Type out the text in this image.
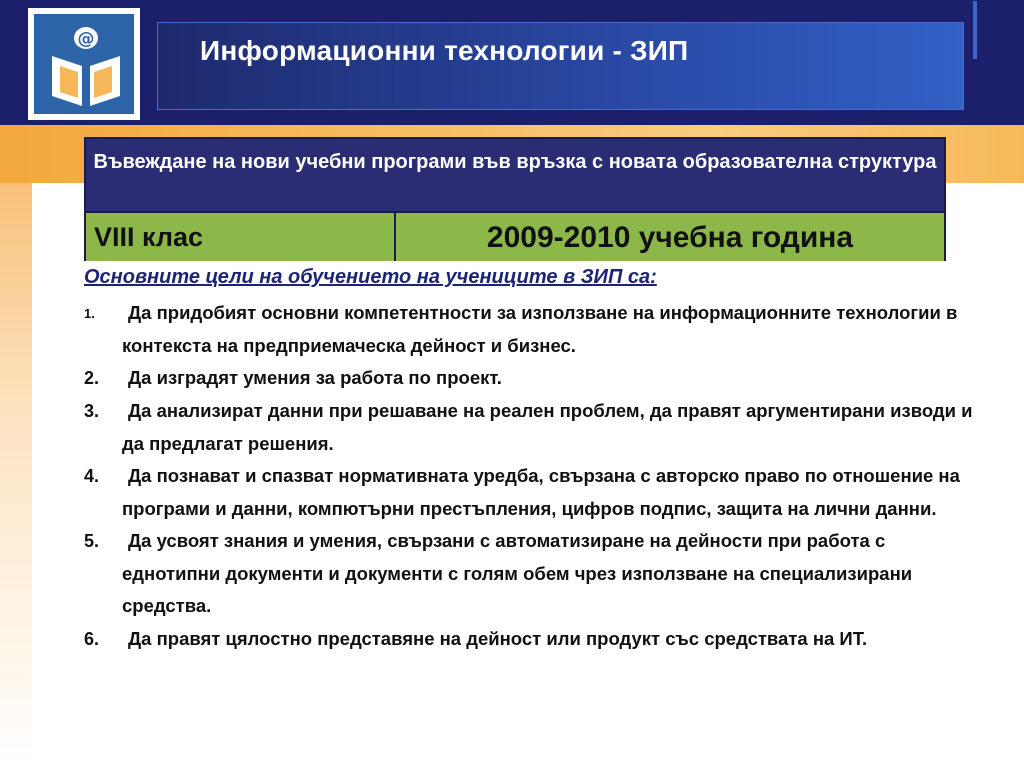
@	Информационни технологии - ЗИП
Въвеждане на нови учебни програми във връзка с новата образователна структура
VIII клас	2009-2010 учебна година
Основните цели на обучението на учениците в ЗИП са:
1.	Да придобият основни компетентности за използване на информационните технологии в контекста на предприемаческа дейност и бизнес.
2.	Да изградят умения за работа по проект.
3.	Да анализират данни при решаване на реален проблем, да правят аргументирани изводи и да предлагат решения.
4.	Да познават и спазват нормативната уредба, свързана с авторско право по отношение на програми и данни, компютърни престъпления, цифров подпис, защита на лични данни.
5.	Да усвоят знания и умения, свързани с автоматизиране на дейности при работа с еднотипни документи и документи с голям обем чрез използване на специализирани средства.
6.	Да правят цялостно представяне на дейност или продукт със средствата на ИТ.
